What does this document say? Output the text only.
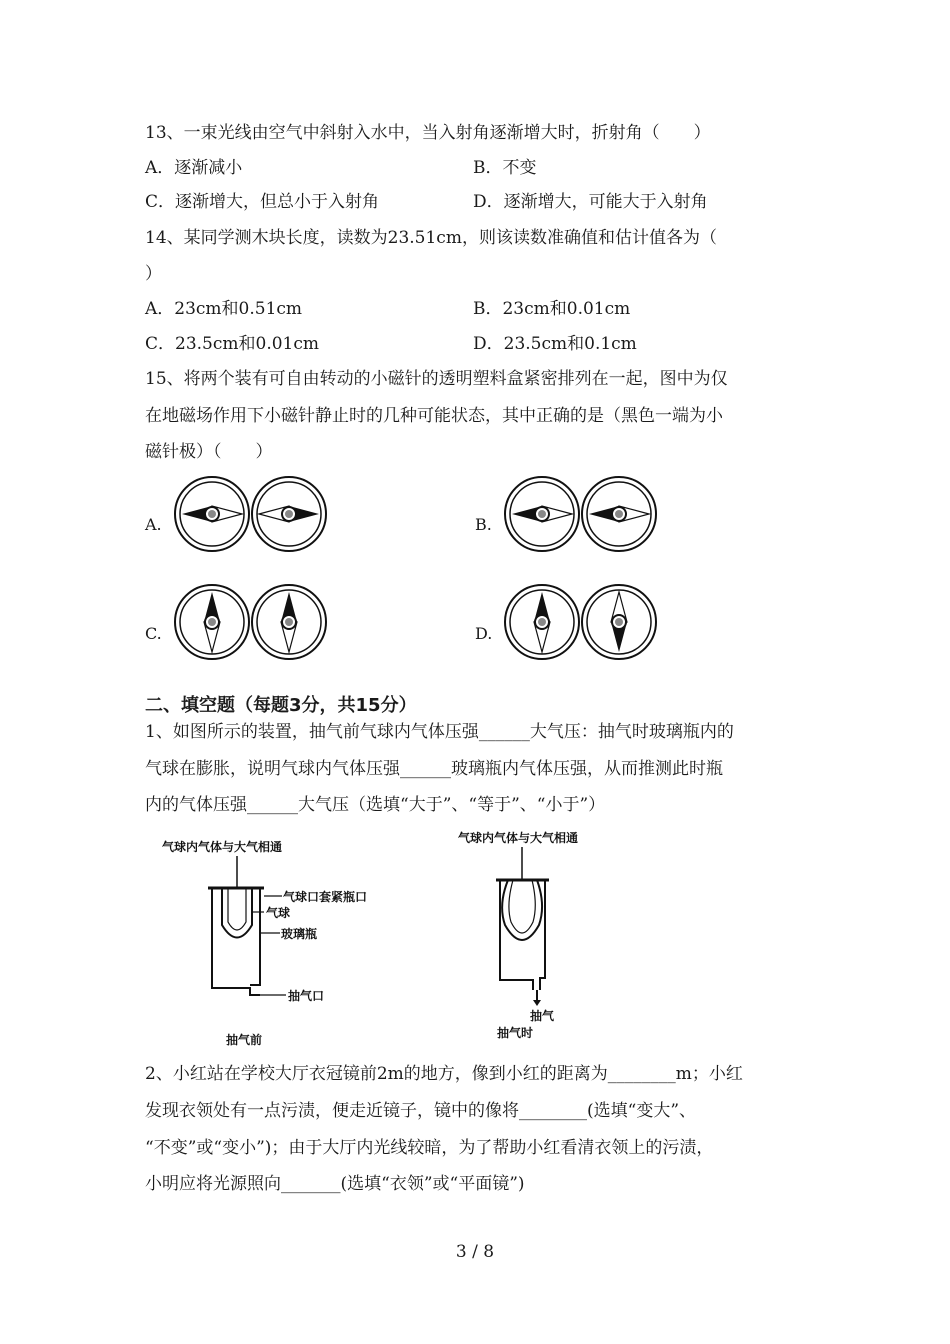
13、一束光线由空气中斜射入水中，当入射角逐渐增大时，折射角（　　）
A．逐渐减小	B．不变
C．逐渐增大，但总小于入射角	D．逐渐增大，可能大于入射角
14、某同学测木块长度，读数为23.51cm，则该读数准确值和估计值各为（
）
A．23cm和0.51cm	B．23cm和0.01cm
C．23.5cm和0.01cm	D．23.5cm和0.1cm
15、将两个装有可自由转动的小磁针的透明塑料盒紧密排列在一起，图中为仅
在地磁场作用下小磁针静止时的几种可能状态，其中正确的是（黑色一端为小
磁针极）（　　）
A.	B.
C.	D.
二、填空题（每题3分，共15分）
1、如图所示的装置，抽气前气球内气体压强______大气压：抽气时玻璃瓶内的
气球在膨胀，说明气球内气体压强______玻璃瓶内气体压强，从而推测此时瓶
内的气体压强______大气压（选填“大于”、“等于”、“小于”）
气球内气体与大气相通
气球口套紧瓶口
气球
玻璃瓶
抽气口
抽气前
气球内气体与大气相通
抽气
抽气时
2、小红站在学校大厅衣冠镜前2m的地方，像到小红的距离为________m；小红
发现衣领处有一点污渍，便走近镜子，镜中的像将________(选填“变大”、
“不变”或“变小”)；由于大厅内光线较暗，为了帮助小红看清衣领上的污渍，
小明应将光源照向_______(选填“衣领”或“平面镜”)
3 / 8
